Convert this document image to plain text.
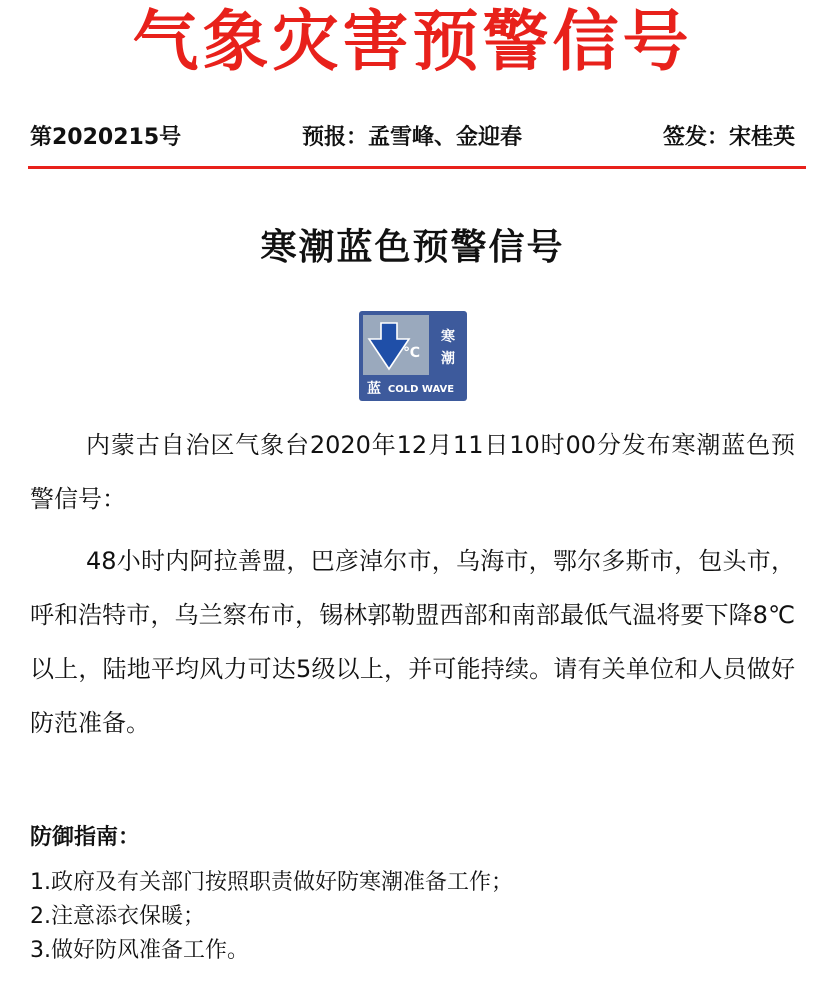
气象灾害预警信号
第2020215号	预报：孟雪峰、金迎春	签发：宋桂英
寒潮蓝色预警信号
℃
寒
潮
蓝 COLD WAVE

内蒙古自治区气象台2020年12月11日10时00分发布寒潮蓝色预警信号：

48小时内阿拉善盟，巴彦淖尔市，乌海市，鄂尔多斯市，包头市，呼和浩特市，乌兰察布市，锡林郭勒盟西部和南部最低气温将要下降8℃以上，陆地平均风力可达5级以上，并可能持续。请有关单位和人员做好防范准备。

防御指南：
1.政府及有关部门按照职责做好防寒潮准备工作；
2.注意添衣保暖；
3.做好防风准备工作。
